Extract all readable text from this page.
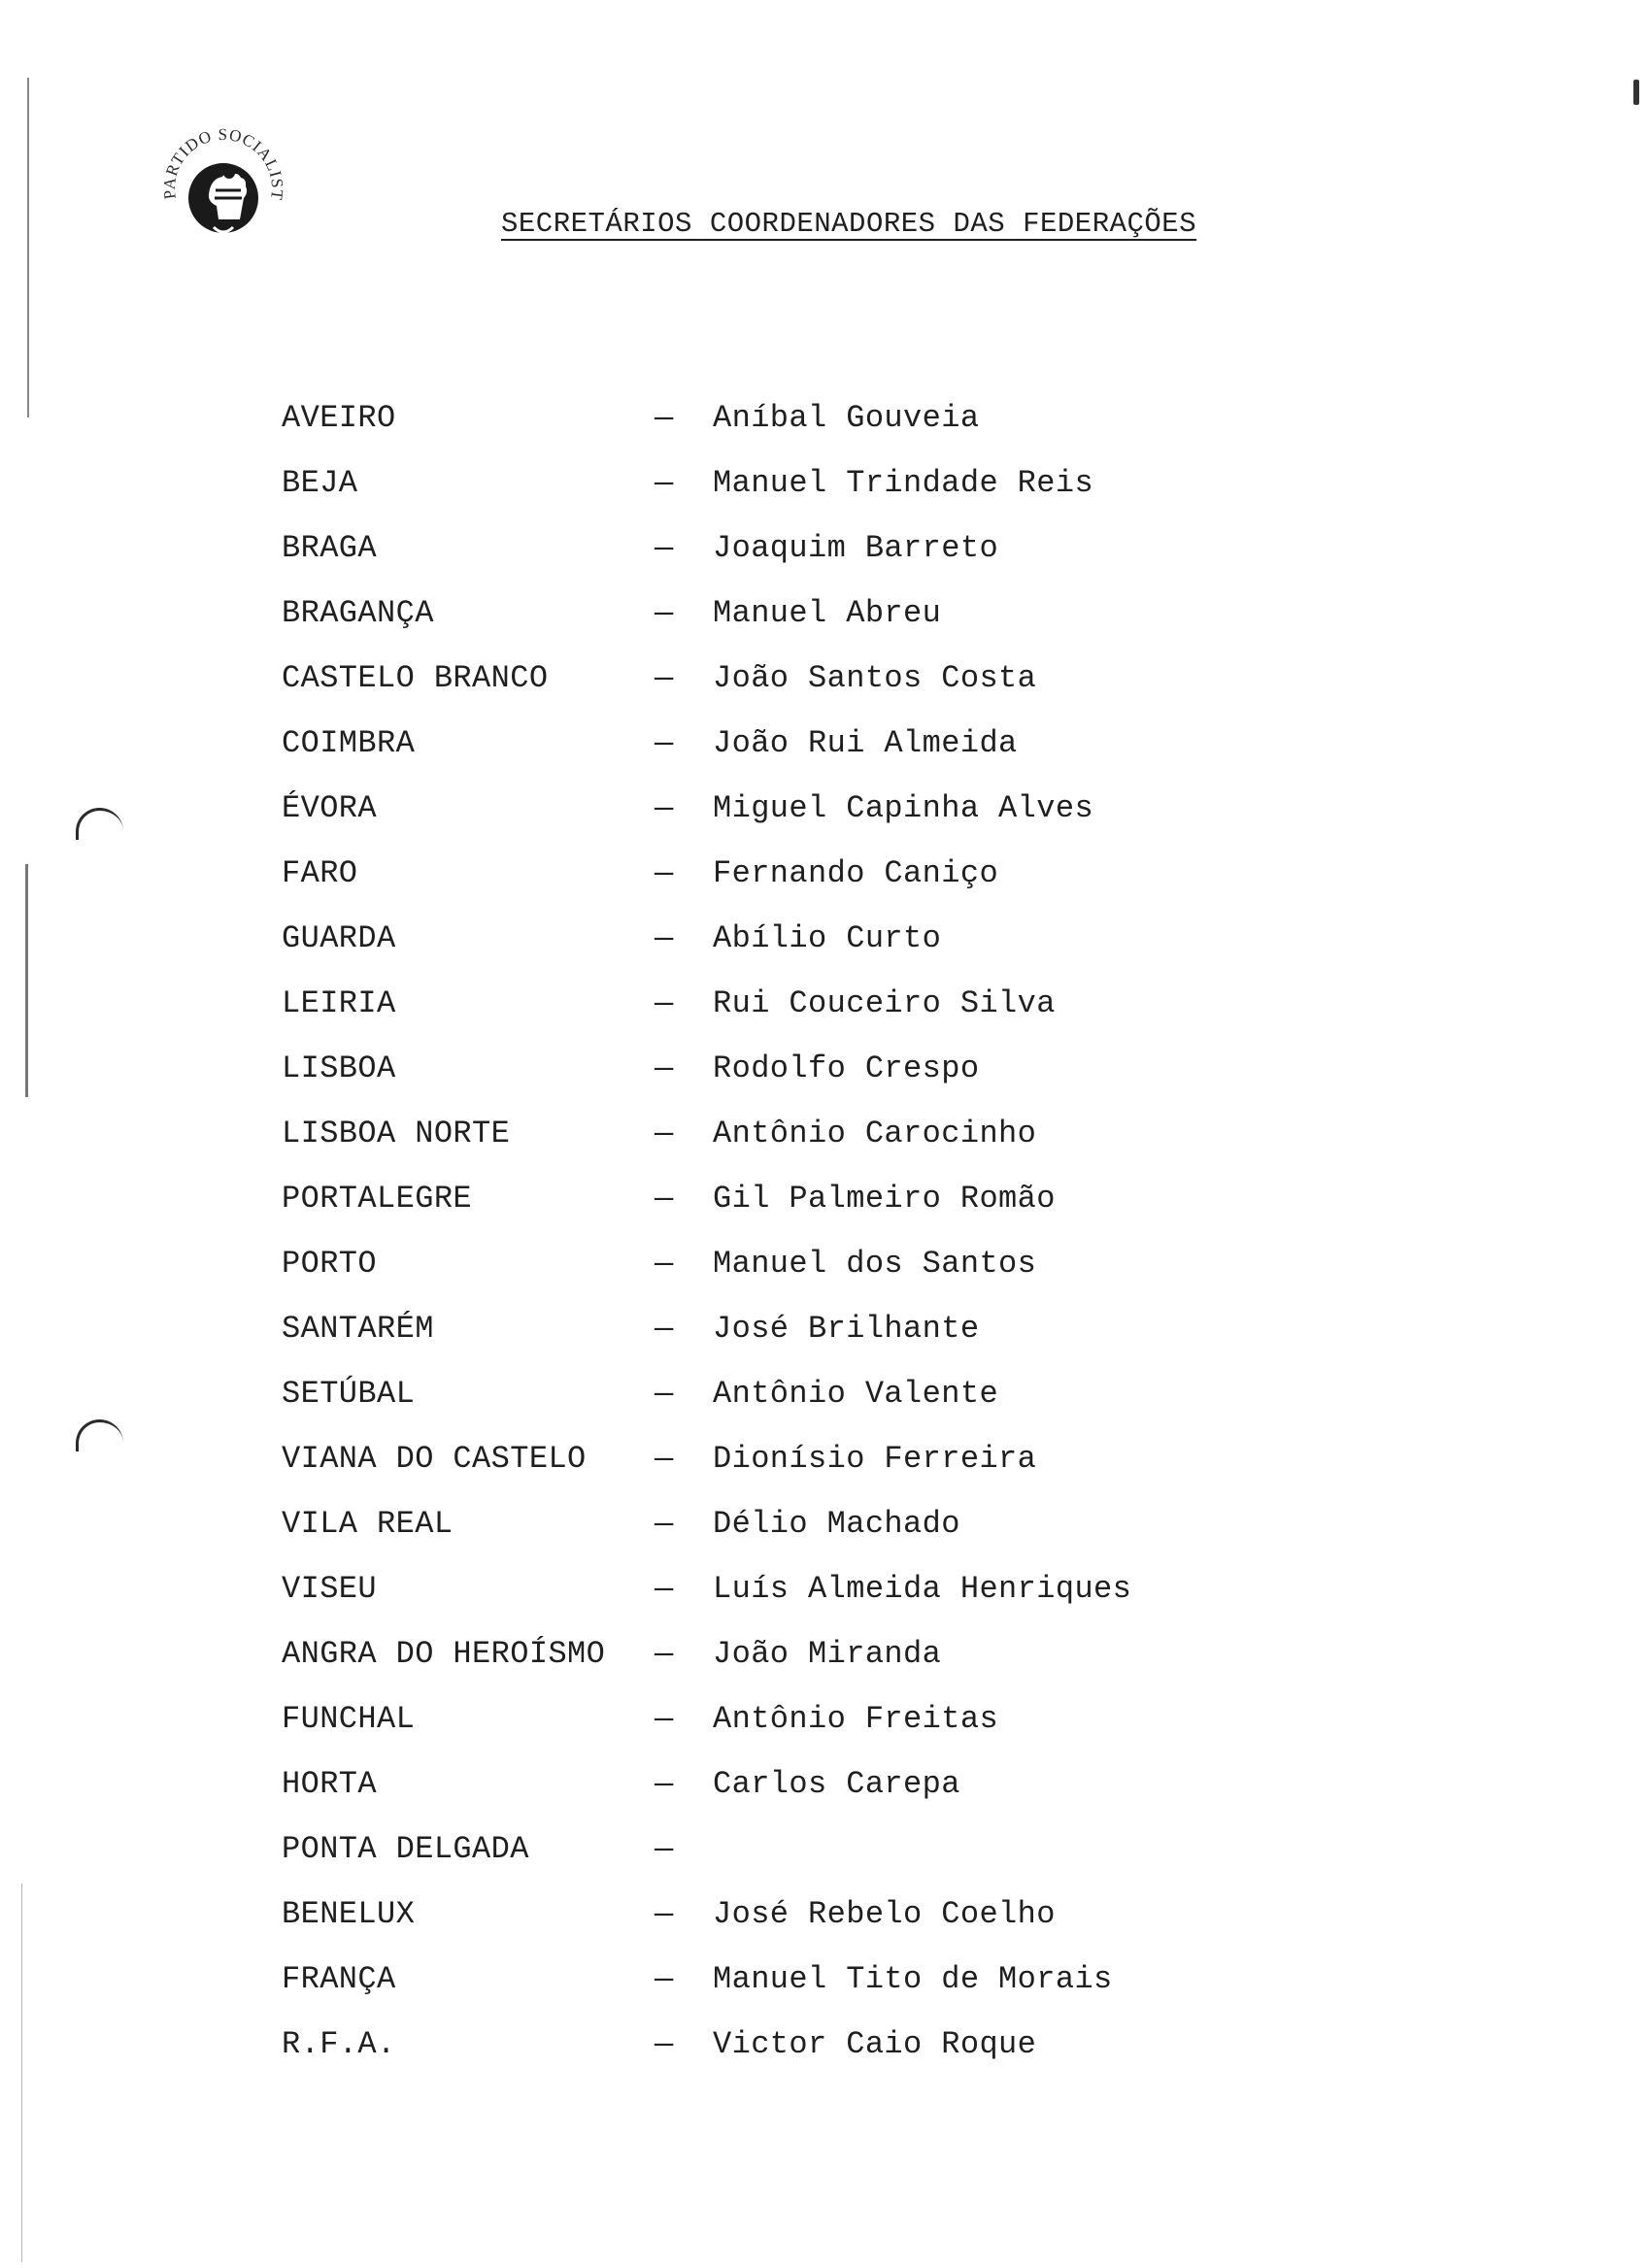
PARTIDO SOCIALIST
SECRETÁRIOS COORDENADORES DAS FEDERAÇÕES
AVEIRO	— Aníbal Gouveia
BEJA	— Manuel Trindade Reis
BRAGA	— Joaquim Barreto
BRAGANÇA	— Manuel Abreu
CASTELO BRANCO	— João Santos Costa
COIMBRA	— João Rui Almeida
ÉVORA	— Miguel Capinha Alves
FARO	— Fernando Caniço
GUARDA	— Abílio Curto
LEIRIA	— Rui Couceiro Silva
LISBOA	— Rodolfo Crespo
LISBOA NORTE	— Antônio Carocinho
PORTALEGRE	— Gil Palmeiro Romão
PORTO	— Manuel dos Santos
SANTARÉM	— José Brilhante
SETÚBAL	— Antônio Valente
VIANA DO CASTELO — Dionísio Ferreira
VILA REAL	— Délio Machado
VISEU	— Luís Almeida Henriques
ANGRA DO HEROÍSMO — João Miranda
FUNCHAL	— Antônio Freitas
HORTA	— Carlos Carepa
PONTA DELGADA	—
BENELUX	— José Rebelo Coelho
FRANÇA	— Manuel Tito de Morais
R.F.A.	— Victor Caio Roque
